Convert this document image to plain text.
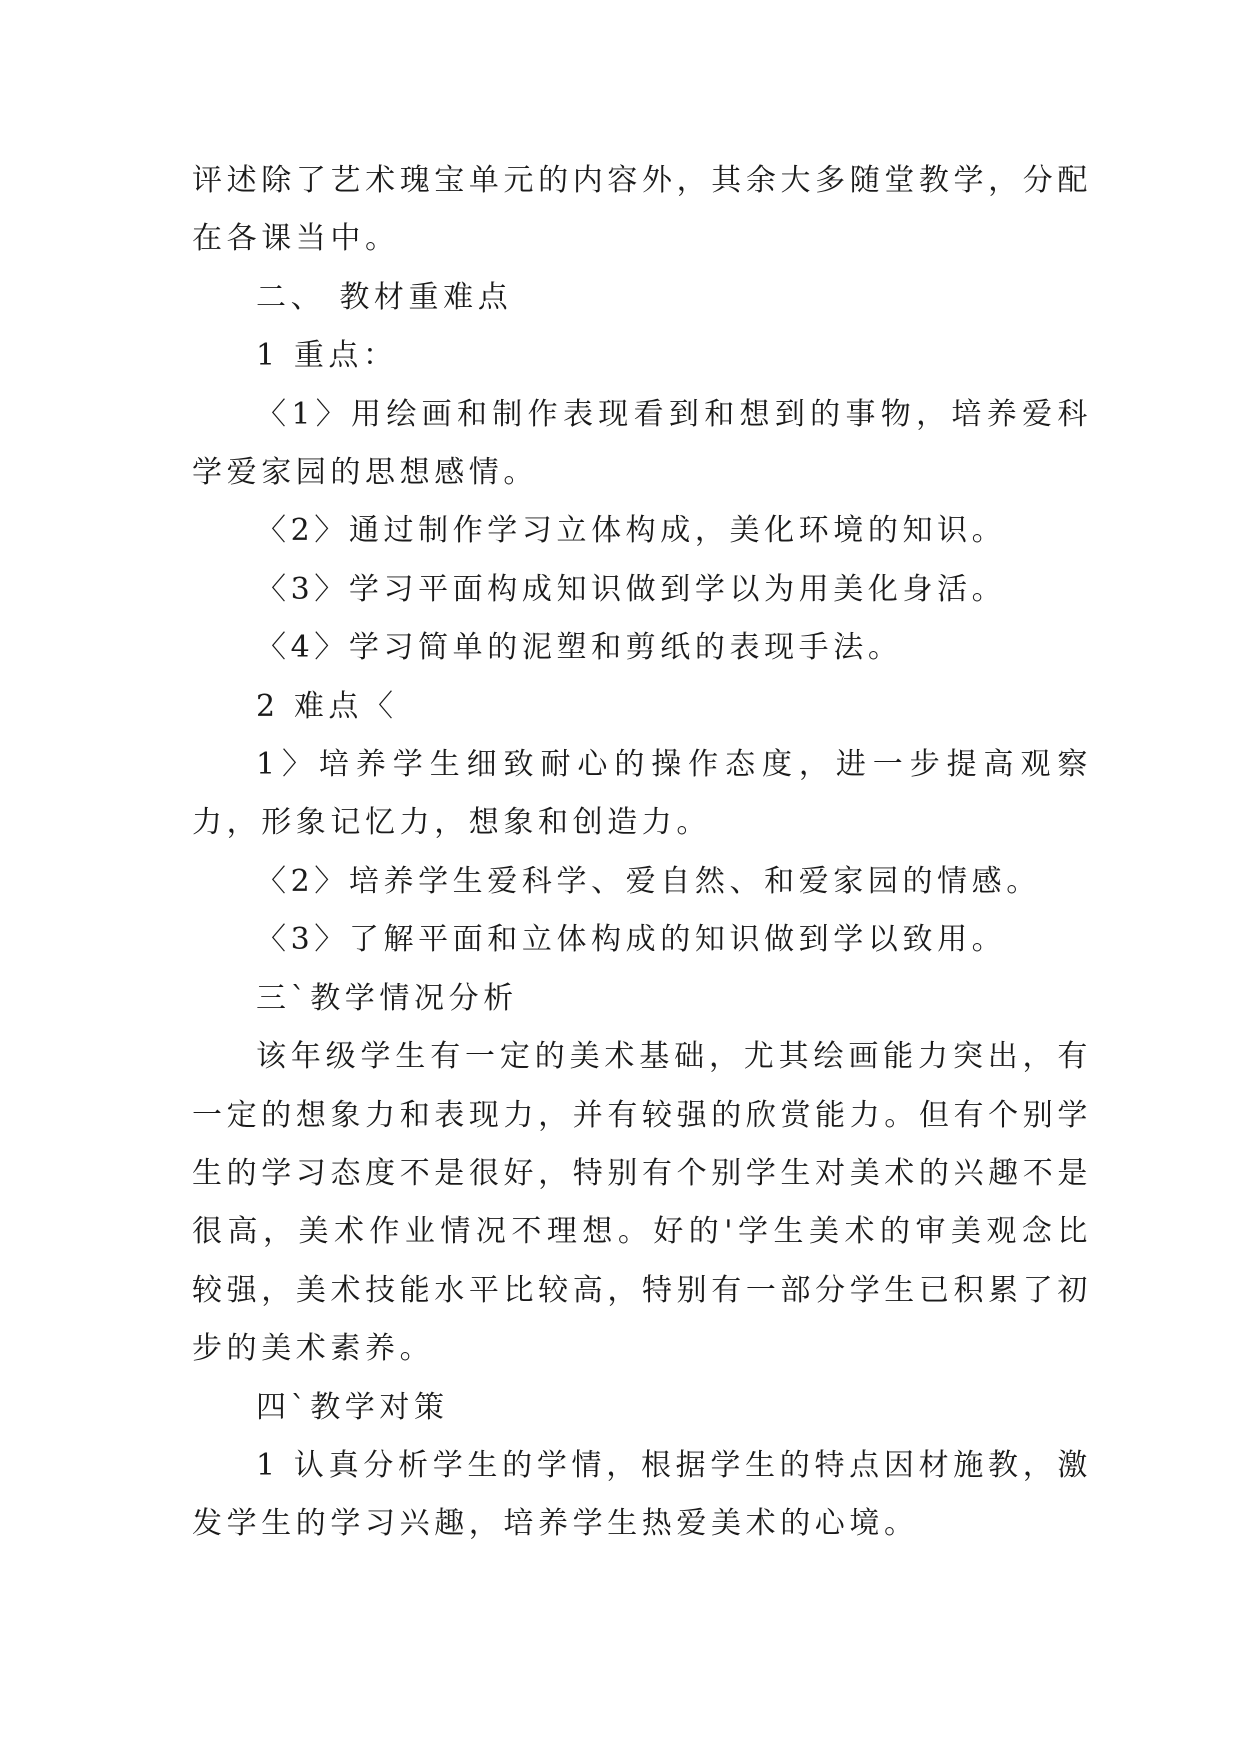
评述除了艺术瑰宝单元的内容外，其余大多随堂教学，分配在各课当中。

二、 教材重难点

1 重点：

〈1〉用绘画和制作表现看到和想到的事物，培养爱科学爱家园的思想感情。

〈2〉通过制作学习立体构成，美化环境的知识。

〈3〉学习平面构成知识做到学以为用美化身活。

〈4〉学习简单的泥塑和剪纸的表现手法。

2 难点〈

1〉培养学生细致耐心的操作态度，进一步提高观察力，形象记忆力，想象和创造力。

〈2〉培养学生爱科学、爱自然、和爱家园的情感。

〈3〉了解平面和立体构成的知识做到学以致用。

三`教学情况分析

该年级学生有一定的美术基础，尤其绘画能力突出，有一定的想象力和表现力，并有较强的欣赏能力。但有个别学生的学习态度不是很好，特别有个别学生对美术的兴趣不是很高，美术作业情况不理想。好的'学生美术的审美观念比较强，美术技能水平比较高，特别有一部分学生已积累了初步的美术素养。

四`教学对策

1 认真分析学生的学情，根据学生的特点因材施教，激发学生的学习兴趣，培养学生热爱美术的心境。
